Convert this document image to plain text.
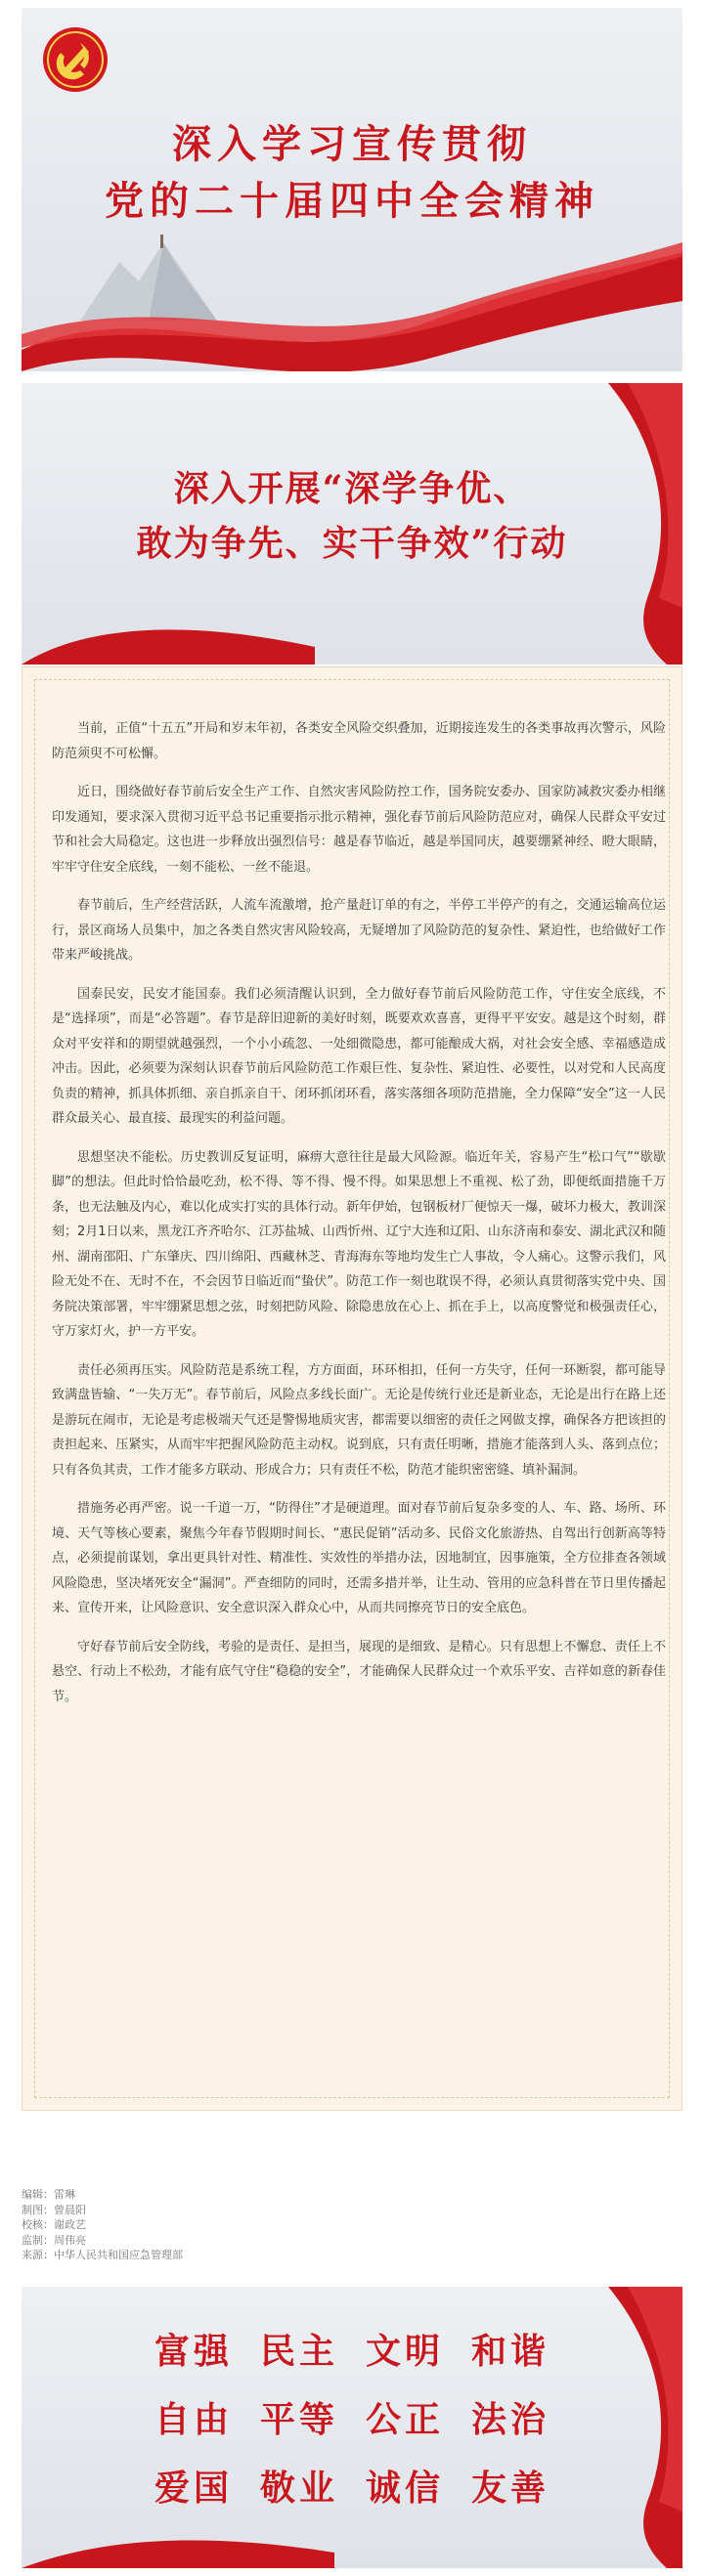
深入学习宣传贯彻
党的二十届四中全会精神
深入开展“深学争优、
敢为争先、实干争效”行动

当前，正值“十五五”开局和岁末年初，各类安全风险交织叠加，近期接连发生的各类事故再次警示，风险防范须臾不可松懈。

近日，围绕做好春节前后安全生产工作、自然灾害风险防控工作，国务院安委办、国家防减救灾委办相继印发通知，要求深入贯彻习近平总书记重要指示批示精神，强化春节前后风险防范应对，确保人民群众平安过节和社会大局稳定。这也进一步释放出强烈信号：越是春节临近，越是举国同庆，越要绷紧神经、瞪大眼睛，牢牢守住安全底线，一刻不能松、一丝不能退。

春节前后，生产经营活跃，人流车流激增，抢产量赶订单的有之，半停工半停产的有之，交通运输高位运行，景区商场人员集中，加之各类自然灾害风险较高，无疑增加了风险防范的复杂性、紧迫性，也给做好工作带来严峻挑战。

国泰民安，民安才能国泰。我们必须清醒认识到，全力做好春节前后风险防范工作，守住安全底线，不是“选择项”，而是“必答题”。春节是辞旧迎新的美好时刻，既要欢欢喜喜，更得平平安安。越是这个时刻，群众对平安祥和的期望就越强烈，一个小小疏忽、一处细微隐患，都可能酿成大祸，对社会安全感、幸福感造成冲击。因此，必须要为深刻认识春节前后风险防范工作艰巨性、复杂性、紧迫性、必要性，以对党和人民高度负责的精神，抓具体抓细、亲自抓亲自干、闭环抓闭环看，落实落细各项防范措施，全力保障“安全”这一人民群众最关心、最直接、最现实的利益问题。

思想坚决不能松。历史教训反复证明，麻痹大意往往是最大风险源。临近年关，容易产生“松口气”“歇歇脚”的想法。但此时恰恰最吃劲，松不得、等不得、慢不得。如果思想上不重视、松了劲，即便纸面措施千万条，也无法触及内心，难以化成实打实的具体行动。新年伊始，包钢板材厂便惊天一爆，破坏力极大，教训深刻；2月1日以来，黑龙江齐齐哈尔、江苏盐城、山西忻州、辽宁大连和辽阳、山东济南和泰安、湖北武汉和随州、湖南邵阳、广东肇庆、四川绵阳、西藏林芝、青海海东等地均发生亡人事故，令人痛心。这警示我们，风险无处不在、无时不在，不会因节日临近而“蛰伏”。防范工作一刻也耽误不得，必须认真贯彻落实党中央、国务院决策部署，牢牢绷紧思想之弦，时刻把防风险、除隐患放在心上、抓在手上，以高度警觉和极强责任心，守万家灯火，护一方平安。

责任必须再压实。风险防范是系统工程，方方面面，环环相扣，任何一方失守，任何一环断裂，都可能导致满盘皆输、“一失万无”。春节前后，风险点多线长面广。无论是传统行业还是新业态，无论是出行在路上还是游玩在闹市，无论是考虑极端天气还是警惕地质灾害，都需要以细密的责任之网做支撑，确保各方把该担的责担起来、压紧实，从而牢牢把握风险防范主动权。说到底，只有责任明晰，措施才能落到人头、落到点位；只有各负其责，工作才能多方联动、形成合力；只有责任不松，防范才能织密密缝、填补漏洞。

措施务必再严密。说一千道一万，“防得住”才是硬道理。面对春节前后复杂多变的人、车、路、场所、环境、天气等核心要素，聚焦今年春节假期时间长、“惠民促销”活动多、民俗文化旅游热、自驾出行创新高等特点，必须提前谋划，拿出更具针对性、精准性、实效性的举措办法，因地制宜，因事施策，全方位排查各领域风险隐患，坚决堵死安全“漏洞”。严查细防的同时，还需多措并举，让生动、管用的应急科普在节日里传播起来、宣传开来，让风险意识、安全意识深入群众心中，从而共同擦亮节日的安全底色。

守好春节前后安全防线，考验的是责任、是担当，展现的是细致、是精心。只有思想上不懈怠、责任上不悬空、行动上不松劲，才能有底气守住“稳稳的安全”，才能确保人民群众过一个欢乐平安、吉祥如意的新春佳节。

编辑：雷琳
制图：曾晨阳
校核：谢政艺
监制：周伟亮
来源：中华人民共和国应急管理部
富强 民主 文明 和谐
自由 平等 公正 法治
爱国 敬业 诚信 友善
